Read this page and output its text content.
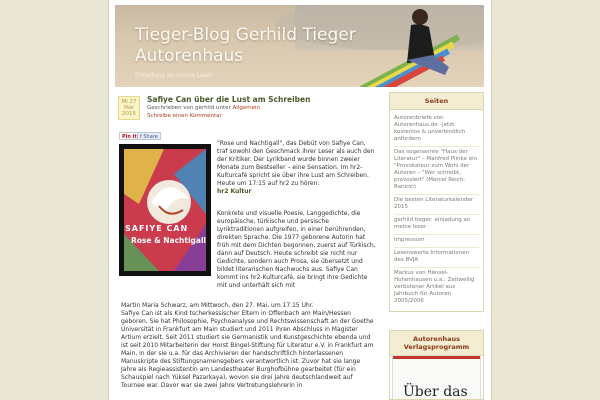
Tieger-Blog Gerhild Tieger Autorenhaus
Einladung an meine Leser
Mi 27
Mai
2015
Safiye Can über die Lust am Schreiben
Geschrieben von gerhild unter Allgemein
Schreibe einen Kommentar
Pin it f Share
SAFIYE CAN
Rose & Nachtigall
"Rose und Nachtigall", das Debüt von Safiye Can, traf sowohl den Geschmack ihrer Leser als auch den der Kritiker. Der Lyrikband wurde binnen zweier Monate zum Bestseller – eine Sensation. Im hr2-Kulturcafé spricht sie über ihre Lust am Schreiben. Heute um 17:15 auf hr2 zu hören:
hr2 Kultur
Konkrete und visuelle Poesie, Langgedichte, die europäische, türkische und persische Lyriktraditionen aufgreifen, in einer berührenden, direkten Sprache. Die 1977 geborene Autorin hat früh mit dem Dichten begonnen, zuerst auf Türkisch, dann auf Deutsch. Heute schreibt sie nicht nur Gedichte, sondern auch Prosa, sie übersetzt und bildet literarischen Nachwuchs aus. Safiye Can kommt ins hr2-Kulturcafé, sie bringt ihre Gedichte mit und unterhält sich mit
Martin Maria Schwarz, am Mittwoch, den 27. Mai, um 17.15 Uhr.
Safiye Can ist als Kind tscherkessischer Eltern in Offenbach am Main/Hessen geboren. Sie hat Philosophie, Psychoanalyse und Rechtswissenschaft an der Goethe Universität in Frankfurt am Main studiert und 2011 ihren Abschluss in Magister Artium erzielt. Seit 2011 studiert sie Germanistik und Kunstgeschichte ebenda und ist seit 2010 Mitarbeiterin der Horst Bingel-Stiftung für Literatur e.V. in Frankfurt am Main, in der sie u.a. für das Archivieren der handschriftlich hinterlassenen Manuskripte des Stiftungsnamensgebers verantwortlich ist. Zuvor hat sie lange Jahre als Regieassistentin am Landestheater Burghofbühne gearbeitet (für ein Schauspiel nach Yüksel Pazarkaya), wovon sie drei Jahre deutschlandweit auf Tournee war. Davor war sie zwei Jahre Vertretungslehrerin in
Seiten
Autorenbriefe von Autorenhaus.de –jetzt kostenlos & unverbindlich anfordern
Das sogenannte "Haus der Literatur" – Manfred Plinke ein "Provokateur zum Wohl der Autoren – "Wer schreibt, provoziert" (Marcel Reich-Ranicki)
Die besten Literaturkalender 2015
gerhild tieger: einladung an meine leser
Impressum
Lesenswerte Informationen des BVJA
Markus von Hänsel-Hohenhausen u.a.: Zeitweilig verbotener Artikel aus Jahrbuch für Autoren 2005/2006
Autorenhaus Verlagsprogramm
Über das
